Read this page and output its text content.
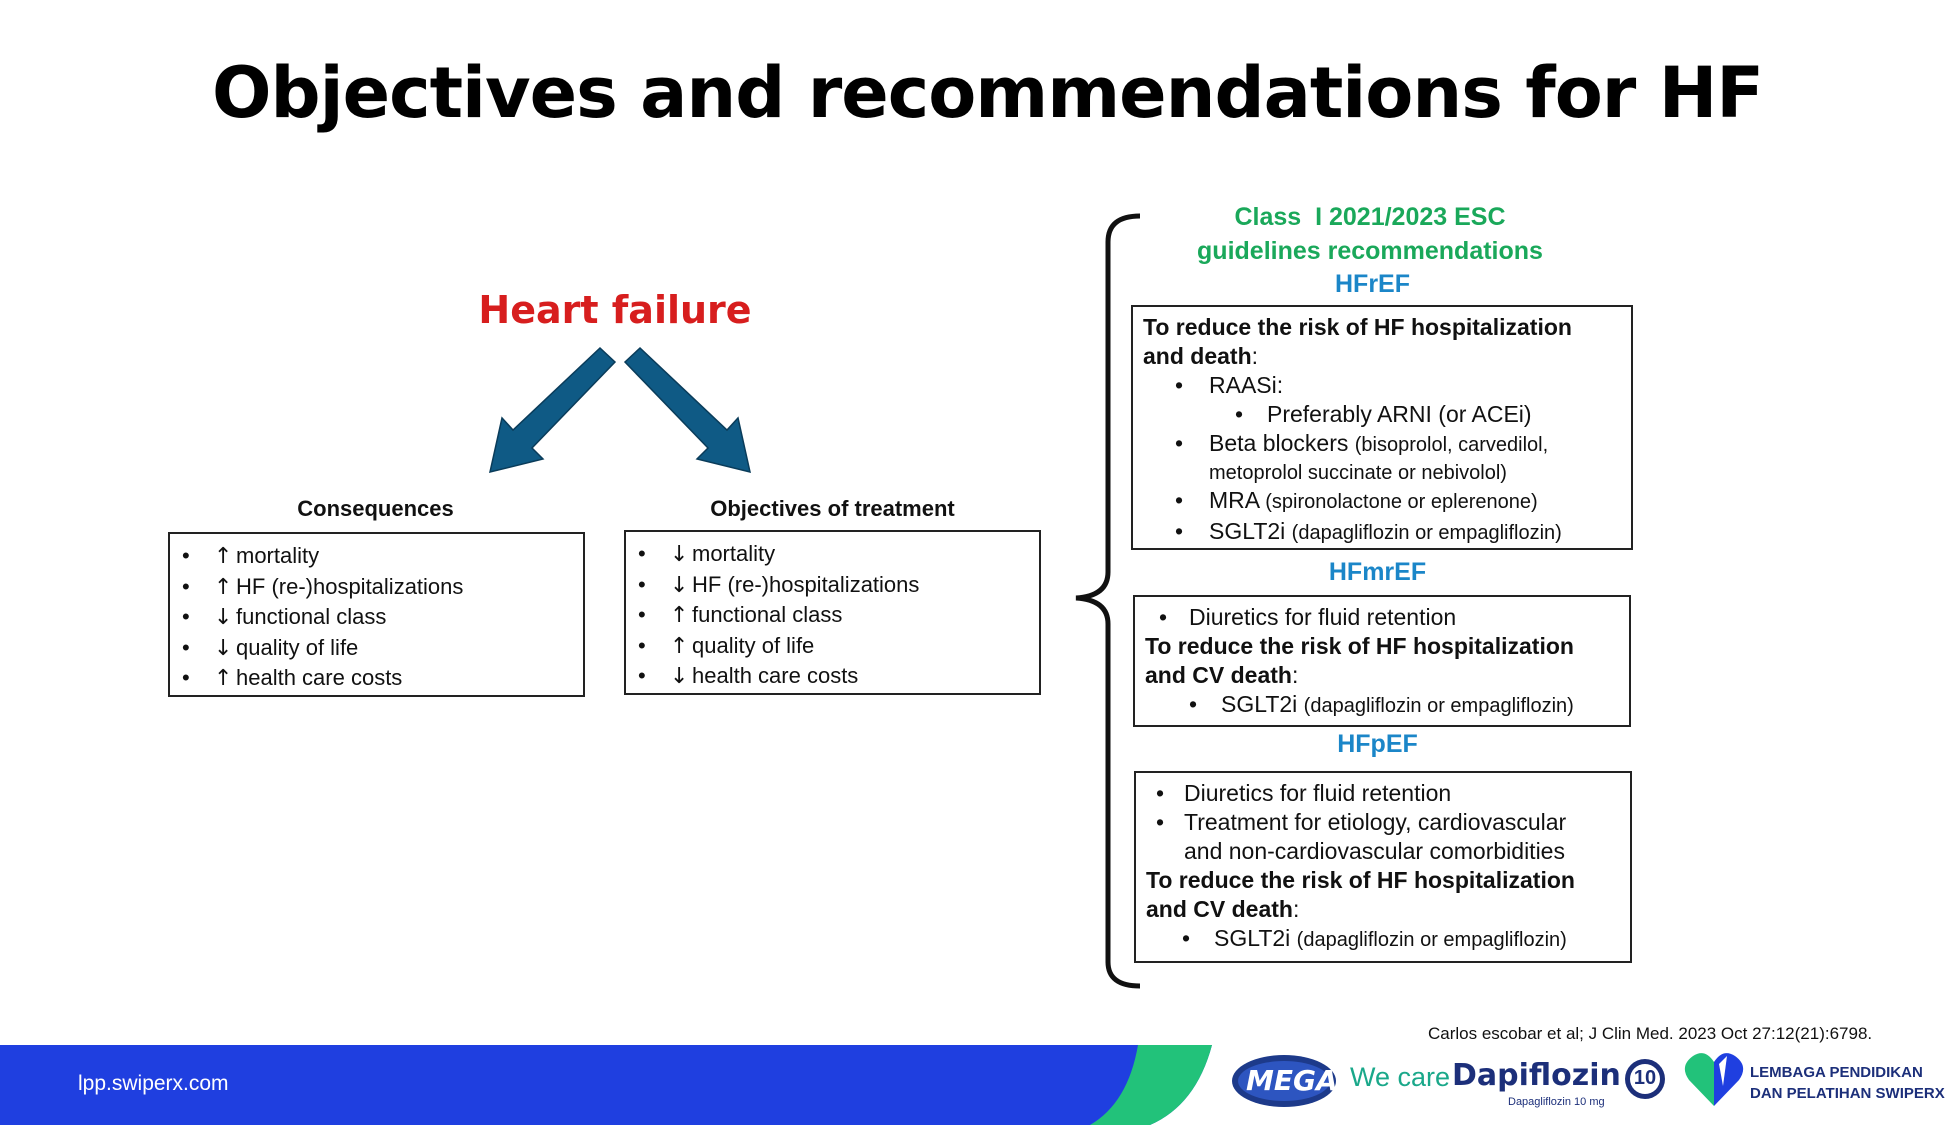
Objectives and recommendations for HF
Heart failure
Consequences	Objectives of treatment
• ↑ mortality
• ↑ HF (re-)hospitalizations
• ↓ functional class
• ↓ quality of life
• ↑ health care costs
• ↓ mortality
• ↓ HF (re-)hospitalizations
• ↑ functional class
• ↑ quality of life
• ↓ health care costs
Class  I 2021/2023 ESC
guidelines recommendations
HFrEF
To reduce the risk of HF hospitalization
and death:
• RAASi:
• Preferably ARNI (or ACEi)
• Beta blockers (bisoprolol, carvedilol,
metoprolol succinate or nebivolol)
• MRA (spironolactone or eplerenone)
• SGLT2i (dapagliflozin or empagliflozin)
HFmrEF
• Diuretics for fluid retention
To reduce the risk of HF hospitalization
and CV death:
• SGLT2i (dapagliflozin or empagliflozin)
HFpEF
• Diuretics for fluid retention
• Treatment for etiology, cardiovascular
and non-cardiovascular comorbidities
To reduce the risk of HF hospitalization
and CV death:
• SGLT2i (dapagliflozin or empagliflozin)
Carlos escobar et al; J Clin Med. 2023 Oct 27:12(21):6798.
lpp.swiperx.com	MEGA We care Dapiflozin
Dapagliflozin 10 mg
10	LEMBAGA PENDIDIKAN
DAN PELATIHAN SWIPERX
